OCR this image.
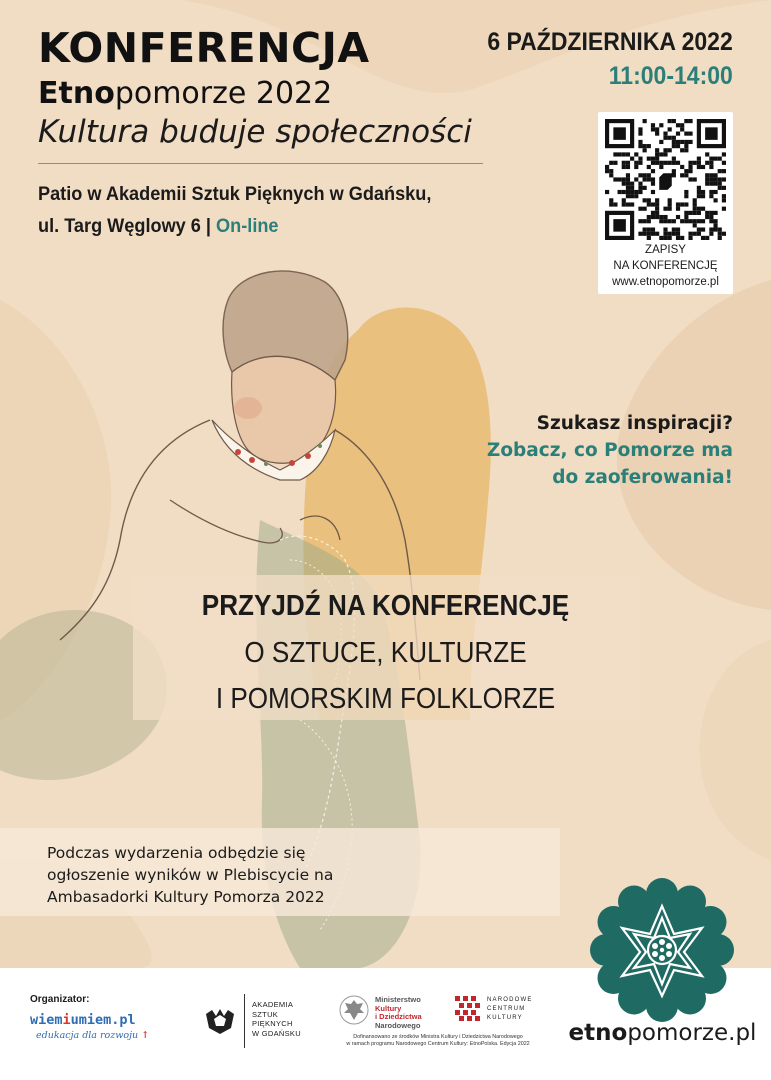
KONFERENCJA
Etnopomorze 2022
Kultura buduje społeczności
Patio w Akademii Sztuk Pięknych w Gdańsku,
ul. Targ Węglowy 6 | On-line
6 PAŹDZIERNIKA 2022
11:00-14:00
ZAPISY
NA KONFERENCJĘ
www.etnopomorze.pl
Szukasz inspiracji?
Zobacz, co Pomorze ma
do zaoferowania!
PRZYJDŹ NA KONFERENCJĘ
O SZTUCE, KULTURZE
I POMORSKIM FOLKLORZE
Podczas wydarzenia odbędzie się
ogłoszenie wyników w Plebiscycie na
Ambasadorki Kultury Pomorza 2022
etnopomorze.pl
Organizator:
wiemiumiem.pl
edukacja dla rozwoju ↑
AKADEMIA
SZTUK
PIĘKNYCH
W GDAŃSKU
Ministerstwo
Kultury
i Dziedzictwa
Narodowego
NARODOWE
CENTRUM
KULTURY
Dofinansowano ze środków Ministra Kultury i Dziedzictwa Narodowego
w ramach programu Narodowego Centrum Kultury: EtnoPolska. Edycja 2022
